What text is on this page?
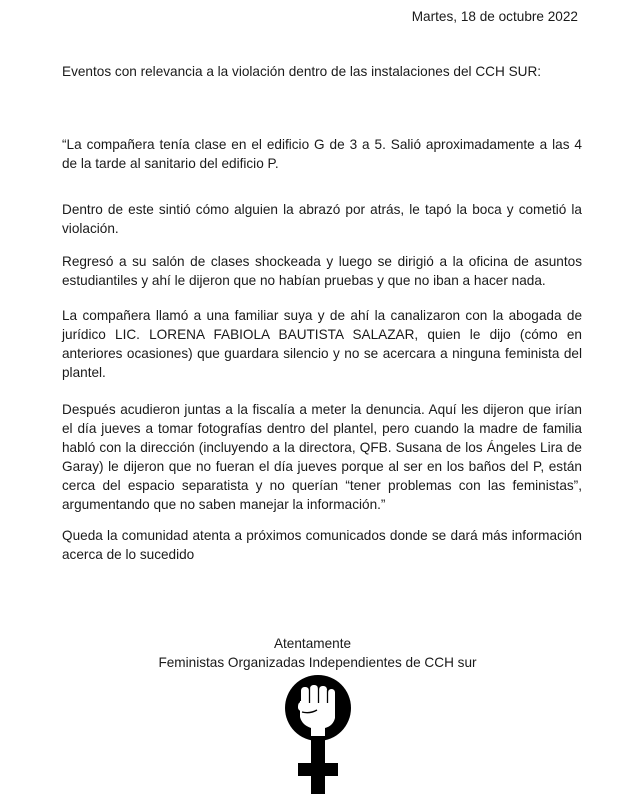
Martes, 18 de octubre 2022
Eventos con relevancia a la violación dentro de las instalaciones del CCH SUR:

“La compañera tenía clase en el edificio G de 3 a 5. Salió aproximadamente a las 4 de la tarde al sanitario del edificio P.

Dentro de este sintió cómo alguien la abrazó por atrás, le tapó la boca y cometió la violación.

Regresó a su salón de clases shockeada y luego se dirigió a la oficina de asuntos estudiantiles y ahí le dijeron que no habían pruebas y que no iban a hacer nada.

La compañera llamó a una familiar suya y de ahí la canalizaron con la abogada de jurídico LIC. LORENA FABIOLA BAUTISTA SALAZAR, quien le dijo (cómo en anteriores ocasiones) que guardara silencio y no se acercara a ninguna feminista del plantel.

Después acudieron juntas a la fiscalía a meter la denuncia. Aquí les dijeron que irían el día jueves a tomar fotografías dentro del plantel, pero cuando la madre de familia habló con la dirección (incluyendo a la directora, QFB. Susana de los Ángeles Lira de Garay) le dijeron que no fueran el día jueves porque al ser en los baños del P, están cerca del espacio separatista y no querían “tener problemas con las feministas”, argumentando que no saben manejar la información.”

Queda la comunidad atenta a próximos comunicados donde se dará más información acerca de lo sucedido

Atentamente
Feministas Organizadas Independientes de CCH sur
